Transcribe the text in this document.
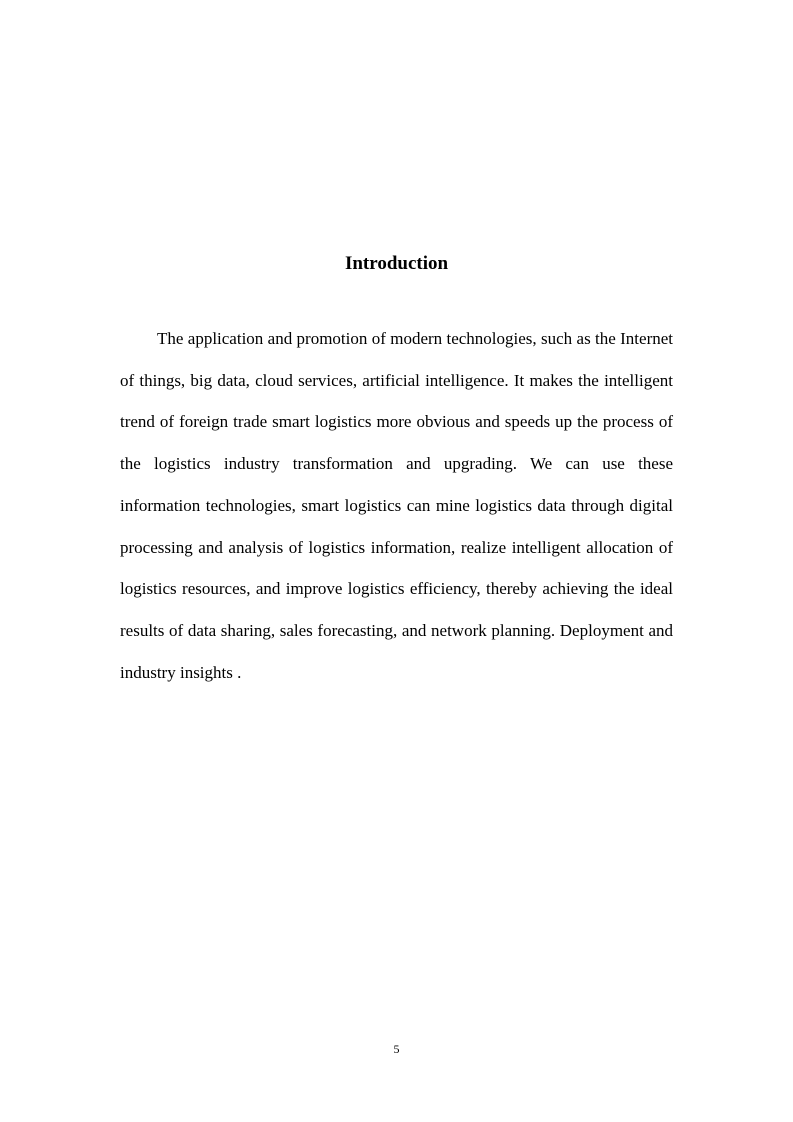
Introduction

The application and promotion of modern technologies, such as the Internet of things, big data, cloud services, artificial intelligence. It makes the intelligent trend of foreign trade smart logistics more obvious and speeds up the process of the logistics industry transformation and upgrading. We can use these information technologies, smart logistics can mine logistics data through digital processing and analysis of logistics information, realize intelligent allocation of logistics resources, and improve logistics efficiency, thereby achieving the ideal results of data sharing, sales forecasting, and network planning. Deployment and industry insights .

5
